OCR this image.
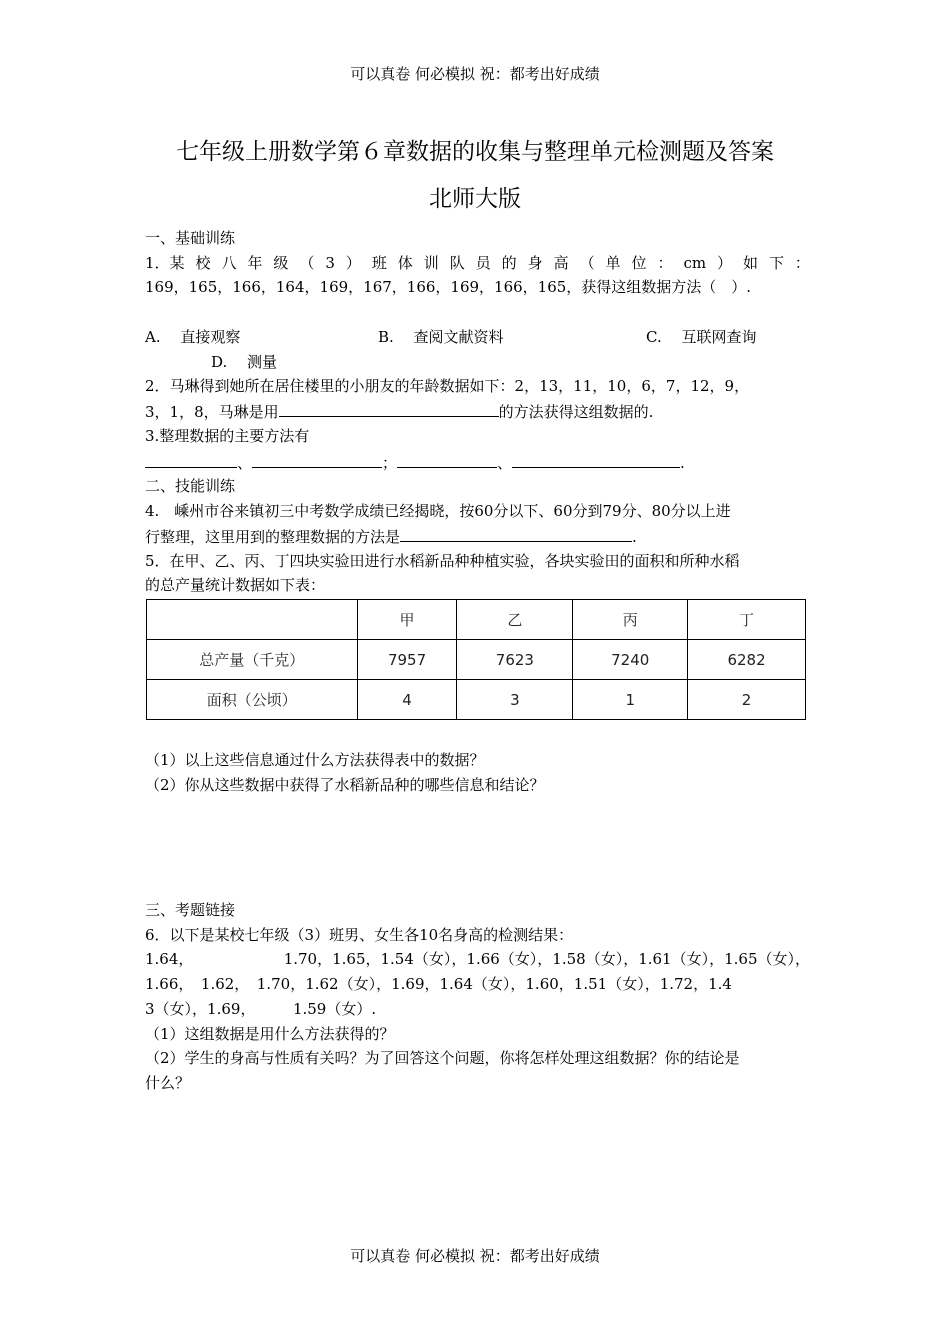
可以真卷 何必模拟 祝：都考出好成绩
七年级上册数学第６章数据的收集与整理单元检测题及答案
北师大版
一、基础训练
1．某 校 八 年 级 （ 3 ） 班 体 训 队 员 的 身 高 （ 单 位 ： cm ） 如 下 ：
169，165，166，164，169，167，166，169，166，165，获得这组数据方法（　）.
A.　 直接观察	B.　 查阅文献资料	C.　 互联网查询
D.　 测量
2．马琳得到她所在居住楼里的小朋友的年龄数据如下：2，13，11，10，6，7，12，9，
3，1，8，马琳是用	的方法获得这组数据的.
3.整理数据的主要方法有
、	；	、	.
二、技能训练
4.　嵊州市谷来镇初三中考数学成绩已经揭晓，按60分以下、60分到79分、80分以上进
行整理，这里用到的整理数据的方法是	.
5．在甲、乙、丙、丁四块实验田进行水稻新品种种植实验，各块实验田的面积和所种水稻
的总产量统计数据如下表：
	甲	乙	丙	丁
总产量（千克）	7957	7623	7240	6282
面积（公顷）	4	3	1	2
（1）以上这些信息通过什么方法获得表中的数据？
（2）你从这些数据中获得了水稻新品种的哪些信息和结论？
三、考题链接
6．以下是某校七年级（3）班男、女生各10名身高的检测结果：
1.64，	1.70，1.65，1.54（女），1.66（女），1.58（女），1.61（女），1.65（女），
1.66，　1.62，　1.70，1.62（女），1.69，1.64（女），1.60，1.51（女），1.72，1.4
3（女），1.69，　　　1.59（女）.
（1）这组数据是用什么方法获得的？
（2）学生的身高与性质有关吗？为了回答这个问题，你将怎样处理这组数据？你的结论是
什么？
可以真卷 何必模拟 祝：都考出好成绩
